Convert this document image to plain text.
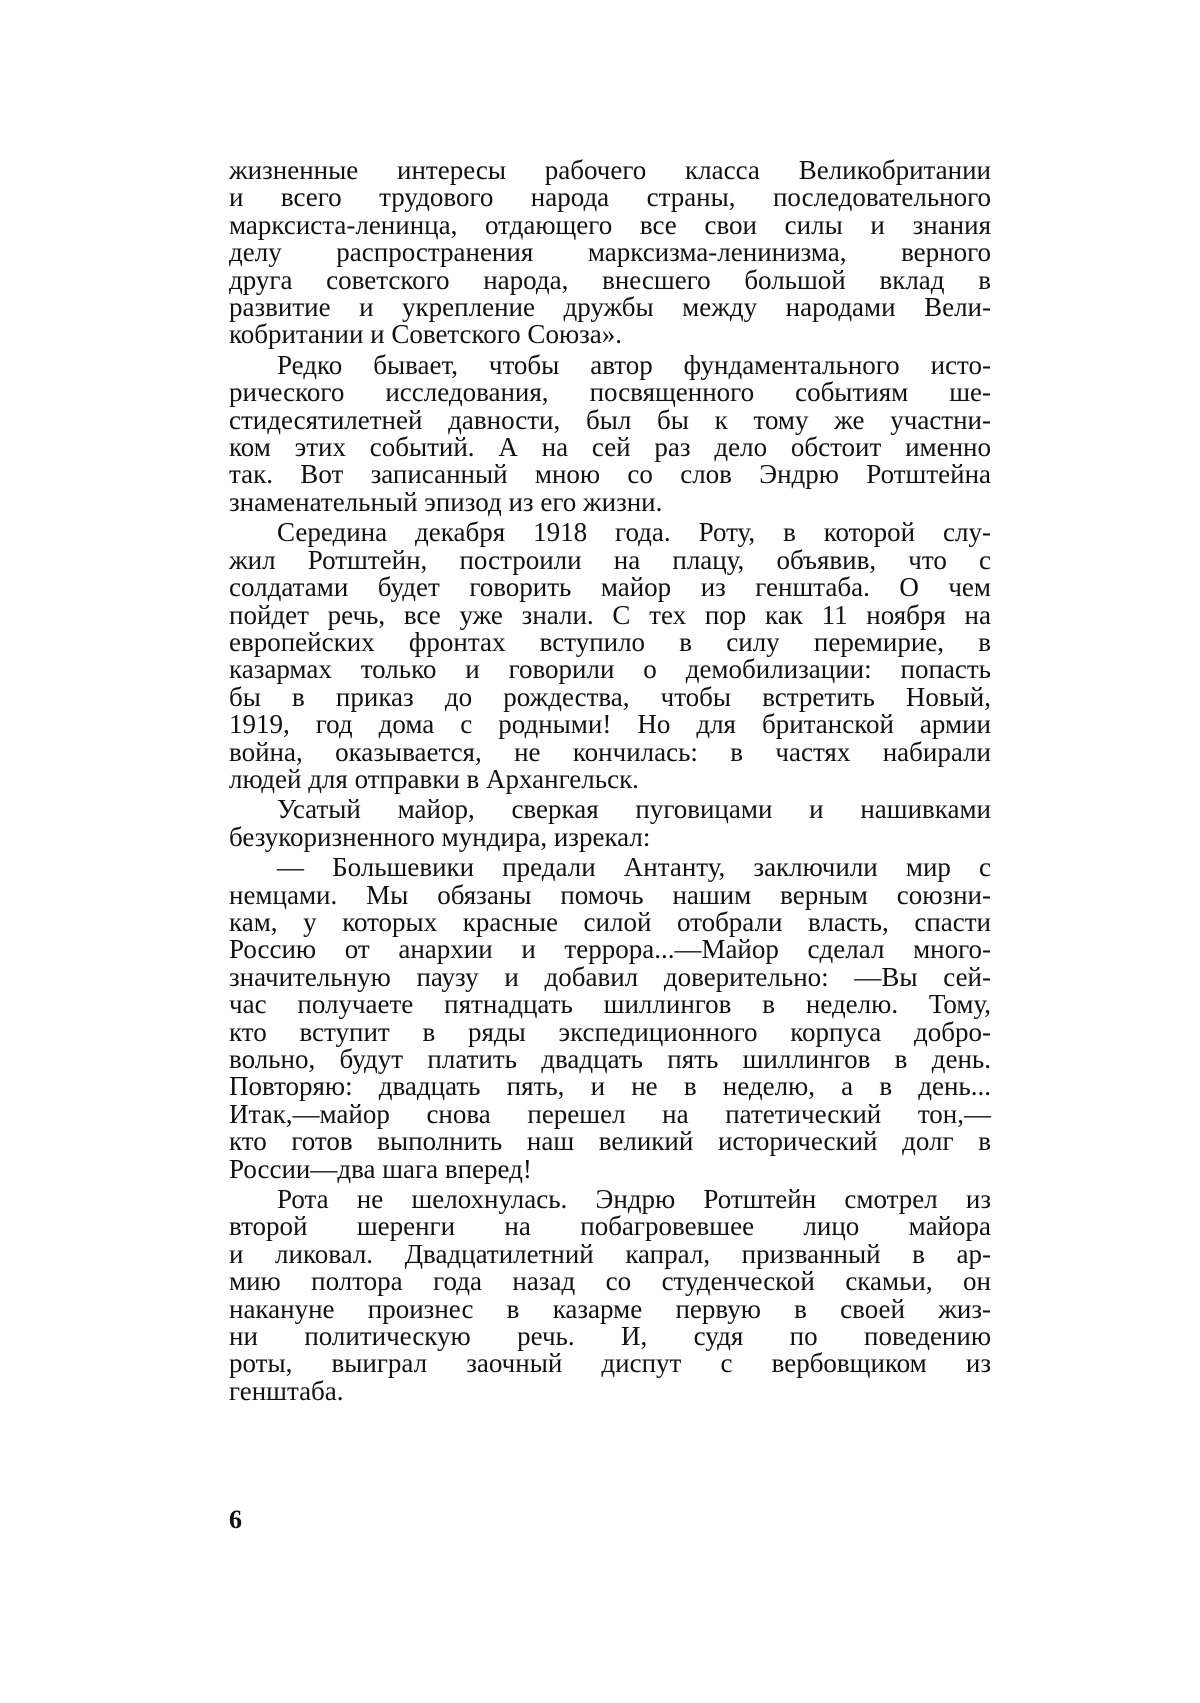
жизненные интересы рабочего класса Великобритании
и всего трудового народа страны, последовательного
марксиста-ленинца, отдающего все свои силы и знания
делу распространения марксизма-ленинизма, верного
друга советского народа, внесшего большой вклад в
развитие и укрепление дружбы между народами Вели-
кобритании и Советского Союза».
Редко бывает, чтобы автор фундаментального исто-
рического исследования, посвященного событиям ше-
стидесятилетней давности, был бы к тому же участни-
ком этих событий. А на сей раз дело обстоит именно
так. Вот записанный мною со слов Эндрю Ротштейна
знаменательный эпизод из его жизни.
Середина декабря 1918 года. Роту, в которой слу-
жил Ротштейн, построили на плацу, объявив, что с
солдатами будет говорить майор из генштаба. О чем
пойдет речь, все уже знали. С тех пор как 11 ноября на
европейских фронтах вступило в силу перемирие, в
казармах только и говорили о демобилизации: попасть
бы в приказ до рождества, чтобы встретить Новый,
1919, год дома с родными! Но для британской армии
война, оказывается, не кончилась: в частях набирали
людей для отправки в Архангельск.
Усатый майор, сверкая пуговицами и нашивками
безукоризненного мундира, изрекал:
— Большевики предали Антанту, заключили мир с
немцами. Мы обязаны помочь нашим верным союзни-
кам, у которых красные силой отобрали власть, спасти
Россию от анархии и террора...—Майор сделал много-
значительную паузу и добавил доверительно: —Вы сей-
час получаете пятнадцать шиллингов в неделю. Тому,
кто вступит в ряды экспедиционного корпуса добро-
вольно, будут платить двадцать пять шиллингов в день.
Повторяю: двадцать пять, и не в неделю, а в день...
Итак,—майор снова перешел на патетический тон,—
кто готов выполнить наш великий исторический долг в
России—два шага вперед!
Рота не шелохнулась. Эндрю Ротштейн смотрел из
второй шеренги на побагровевшее лицо майора
и ликовал. Двадцатилетний капрал, призванный в ар-
мию полтора года назад со студенческой скамьи, он
накануне произнес в казарме первую в своей жиз-
ни политическую речь. И, судя по поведению
роты, выиграл заочный диспут с вербовщиком из
генштаба.
6
